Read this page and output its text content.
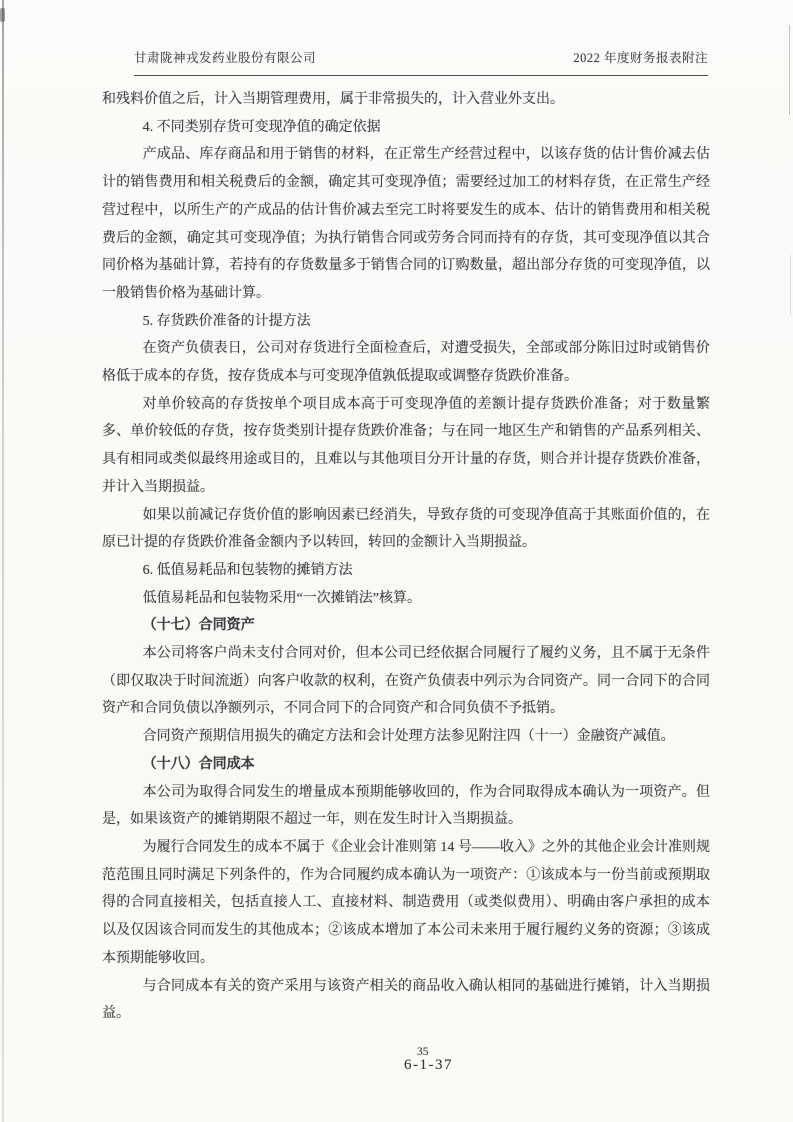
甘肃陇神戎发药业股份有限公司	2022 年度财务报表附注

和残料价值之后，计入当期管理费用，属于非常损失的，计入营业外支出。

4. 不同类别存货可变现净值的确定依据

产成品、库存商品和用于销售的材料，在正常生产经营过程中，以该存货的估计售价减去估计的销售费用和相关税费后的金额，确定其可变现净值；需要经过加工的材料存货，在正常生产经营过程中，以所生产的产成品的估计售价减去至完工时将要发生的成本、估计的销售费用和相关税费后的金额，确定其可变现净值；为执行销售合同或劳务合同而持有的存货，其可变现净值以其合同价格为基础计算，若持有的存货数量多于销售合同的订购数量，超出部分存货的可变现净值，以一般销售价格为基础计算。

5. 存货跌价准备的计提方法

在资产负债表日，公司对存货进行全面检查后，对遭受损失，全部或部分陈旧过时或销售价格低于成本的存货，按存货成本与可变现净值孰低提取或调整存货跌价准备。

对单价较高的存货按单个项目成本高于可变现净值的差额计提存货跌价准备；对于数量繁多、单价较低的存货，按存货类别计提存货跌价准备；与在同一地区生产和销售的产品系列相关、具有相同或类似最终用途或目的，且难以与其他项目分开计量的存货，则合并计提存货跌价准备，并计入当期损益。

如果以前减记存货价值的影响因素已经消失，导致存货的可变现净值高于其账面价值的，在原已计提的存货跌价准备金额内予以转回，转回的金额计入当期损益。

6. 低值易耗品和包装物的摊销方法

低值易耗品和包装物采用“一次摊销法”核算。

（十七）合同资产

本公司将客户尚未支付合同对价，但本公司已经依据合同履行了履约义务，且不属于无条件（即仅取决于时间流逝）向客户收款的权利，在资产负债表中列示为合同资产。同一合同下的合同资产和合同负债以净额列示，不同合同下的合同资产和合同负债不予抵销。

合同资产预期信用损失的确定方法和会计处理方法参见附注四（十一）金融资产减值。

（十八）合同成本

本公司为取得合同发生的增量成本预期能够收回的，作为合同取得成本确认为一项资产。但是，如果该资产的摊销期限不超过一年，则在发生时计入当期损益。

为履行合同发生的成本不属于《企业会计准则第 14 号——收入》之外的其他企业会计准则规范范围且同时满足下列条件的，作为合同履约成本确认为一项资产：①该成本与一份当前或预期取得的合同直接相关，包括直接人工、直接材料、制造费用（或类似费用）、明确由客户承担的成本以及仅因该合同而发生的其他成本；②该成本增加了本公司未来用于履行履约义务的资源；③该成本预期能够收回。

与合同成本有关的资产采用与该资产相关的商品收入确认相同的基础进行摊销，计入当期损益。

35
6-1-37
